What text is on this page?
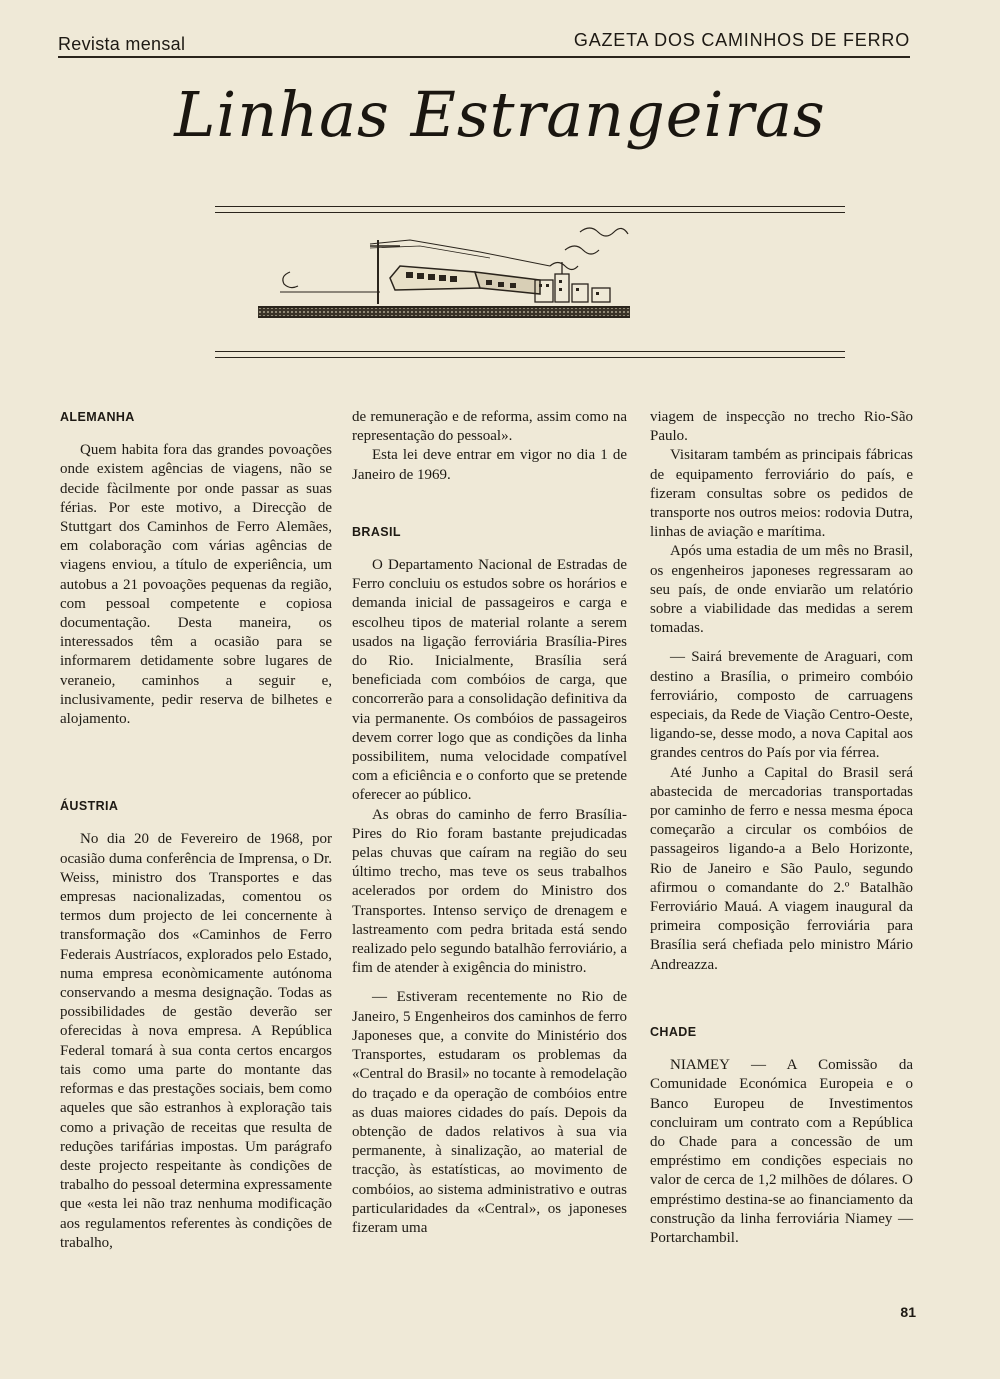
Revista mensal	GAZETA DOS CAMINHOS DE FERRO
Linhas Estrangeiras
ALEMANHA

Quem habita fora das grandes povoações onde existem agências de viagens, não se decide fàcilmente por onde passar as suas férias. Por este motivo, a Direcção de Stuttgart dos Caminhos de Ferro Alemães, em colaboração com várias agências de viagens enviou, a título de experiência, um autobus a 21 povoações pequenas da região, com pessoal competente e copiosa documentação. Desta maneira, os interessados têm a ocasião para se informarem detidamente sobre lugares de veraneio, caminhos a seguir e, inclusivamente, pedir reserva de bilhetes e alojamento.

ÁUSTRIA

No dia 20 de Fevereiro de 1968, por ocasião duma conferência de Imprensa, o Dr. Weiss, ministro dos Transportes e das empresas nacionalizadas, comentou os termos dum projecto de lei concernente à transformação dos «Caminhos de Ferro Federais Austríacos, explorados pelo Estado, numa empresa econòmicamente autónoma conservando a mesma designação. Todas as possibilidades de gestão deverão ser oferecidas à nova empresa. A República Federal tomará à sua conta certos encargos tais como uma parte do montante das reformas e das prestações sociais, bem como aqueles que são estranhos à exploração tais como a privação de receitas que resulta de reduções tarifárias impostas. Um parágrafo deste projecto respeitante às condições de trabalho do pessoal determina expressamente que «esta lei não traz nenhuma modificação aos regulamentos referentes às condições de trabalho,

de remuneração e de reforma, assim como na representação do pessoal».

Esta lei deve entrar em vigor no dia 1 de Janeiro de 1969.

BRASIL

O Departamento Nacional de Estradas de Ferro concluiu os estudos sobre os horários e demanda inicial de passageiros e carga e escolheu tipos de material rolante a serem usados na ligação ferroviária Brasília-Pires do Rio. Inicialmente, Brasília será beneficiada com combóios de carga, que concorrerão para a consolidação definitiva da via permanente. Os combóios de passageiros devem correr logo que as condições da linha possibilitem, numa velocidade compatível com a eficiência e o conforto que se pretende oferecer ao público.

As obras do caminho de ferro Brasília-Pires do Rio foram bastante prejudicadas pelas chuvas que caíram na região do seu último trecho, mas teve os seus trabalhos acelerados por ordem do Ministro dos Transportes. Intenso serviço de drenagem e lastreamento com pedra britada está sendo realizado pelo segundo batalhão ferroviário, a fim de atender à exigência do ministro.

— Estiveram recentemente no Rio de Janeiro, 5 Engenheiros dos caminhos de ferro Japoneses que, a convite do Ministério dos Transportes, estudaram os problemas da «Central do Brasil» no tocante à remodelação do traçado e da operação de combóios entre as duas maiores cidades do país. Depois da obtenção de dados relativos à sua via permanente, à sinalização, ao material de tracção, às estatísticas, ao movimento de combóios, ao sistema administrativo e outras particularidades da «Central», os japoneses fizeram uma

viagem de inspecção no trecho Rio-São Paulo.

Visitaram também as principais fábricas de equipamento ferroviário do país, e fizeram consultas sobre os pedidos de transporte nos outros meios: rodovia Dutra, linhas de aviação e marítima.

Após uma estadia de um mês no Brasil, os engenheiros japoneses regressaram ao seu país, de onde enviarão um relatório sobre a viabilidade das medidas a serem tomadas.

— Sairá brevemente de Araguari, com destino a Brasília, o primeiro combóio ferroviário, composto de carruagens especiais, da Rede de Viação Centro-Oeste, ligando-se, desse modo, a nova Capital aos grandes centros do País por via férrea.

Até Junho a Capital do Brasil será abastecida de mercadorias transportadas por caminho de ferro e nessa mesma época começarão a circular os combóios de passageiros ligando-a a Belo Horizonte, Rio de Janeiro e São Paulo, segundo afirmou o comandante do 2.º Batalhão Ferroviário Mauá. A viagem inaugural da primeira composição ferroviária para Brasília será chefiada pelo ministro Mário Andreazza.

CHADE

NIAMEY — A Comissão da Comunidade Económica Europeia e o Banco Europeu de Investimentos concluiram um contrato com a República do Chade para a concessão de um empréstimo em condições especiais no valor de cerca de 1,2 milhões de dólares. O empréstimo destina-se ao financiamento da construção da linha ferroviária Niamey — Portarchambil.

81
